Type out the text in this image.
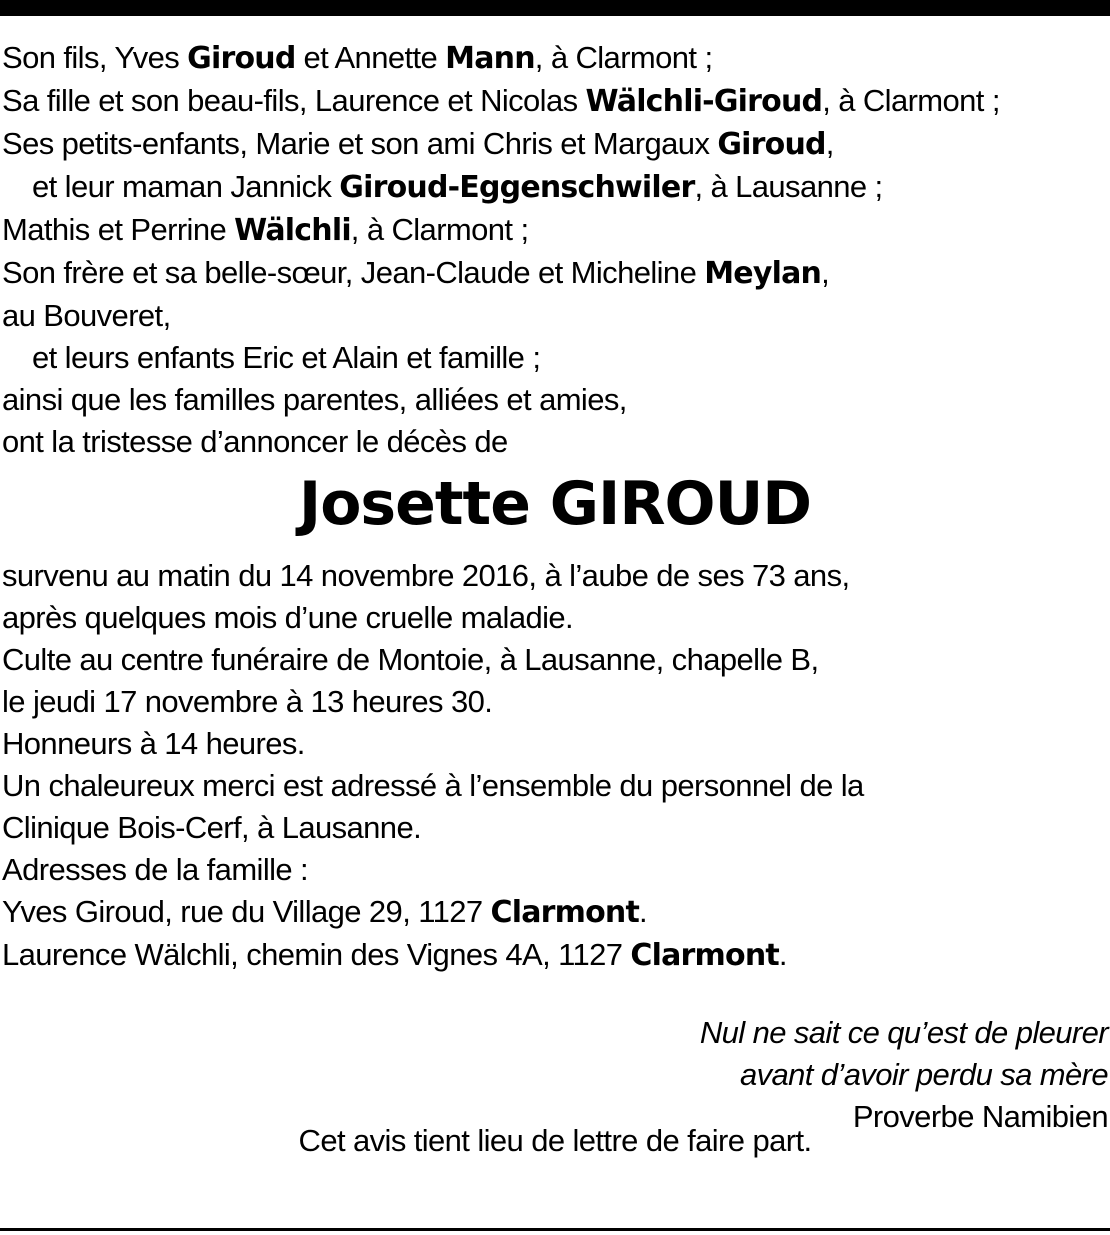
Son fils, Yves Giroud et Annette Mann, à Clarmont ;

Sa fille et son beau-fils, Laurence et Nicolas Wälchli-Giroud, à Clarmont ;

Ses petits-enfants, Marie et son ami Chris et Margaux Giroud,

et leur maman Jannick Giroud-Eggenschwiler, à Lausanne ;

Mathis et Perrine Wälchli, à Clarmont ;

Son frère et sa belle-sœur, Jean-Claude et Micheline Meylan,

au Bouveret,

et leurs enfants Eric et Alain et famille ;

ainsi que les familles parentes, alliées et amies,

ont la tristesse d’annoncer le décès de

Josette GIROUD

survenu au matin du 14 novembre 2016, à l’aube de ses 73 ans,

après quelques mois d’une cruelle maladie.

Culte au centre funéraire de Montoie, à Lausanne, chapelle B,

le jeudi 17 novembre à 13 heures 30.

Honneurs à 14 heures.

Un chaleureux merci est adressé à l’ensemble du personnel de la

Clinique Bois-Cerf, à Lausanne.

Adresses de la famille :

Yves Giroud, rue du Village 29, 1127 Clarmont.

Laurence Wälchli, chemin des Vignes 4A, 1127 Clarmont.

Nul ne sait ce qu’est de pleurer

avant d’avoir perdu sa mère

Proverbe Namibien

Cet avis tient lieu de lettre de faire part.
